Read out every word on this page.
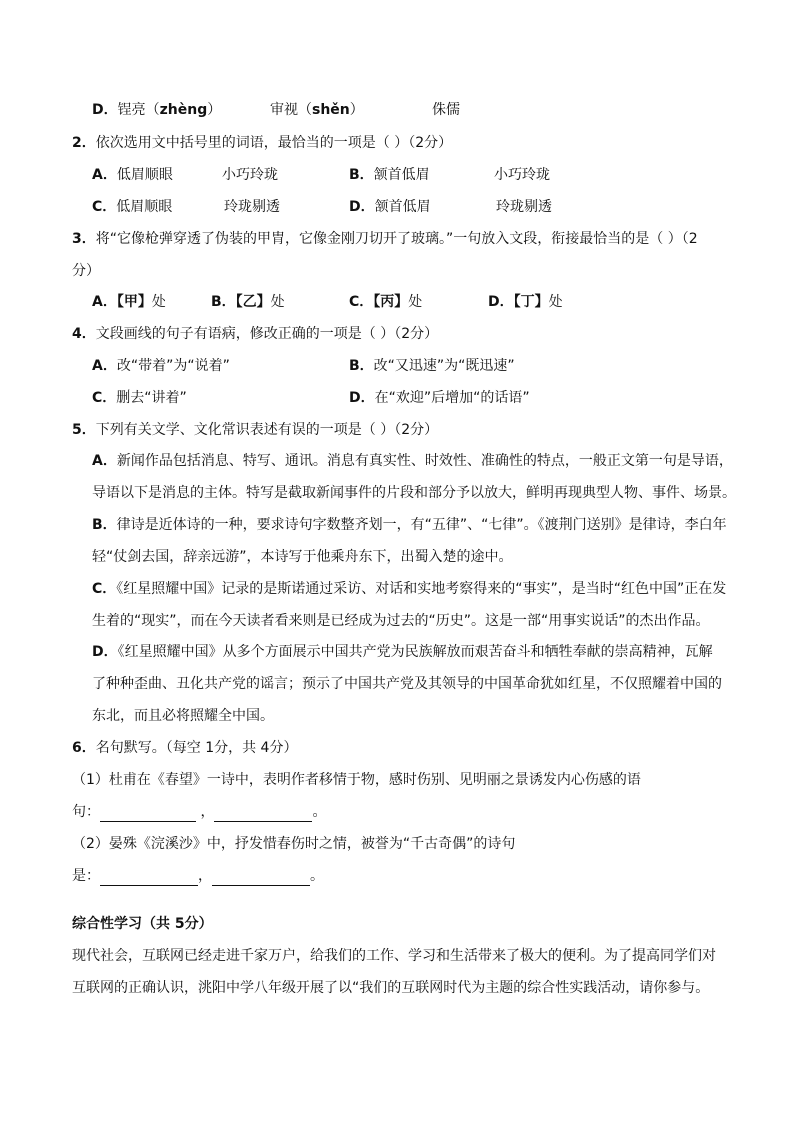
D．锃亮（zhèng）	审视（shěn）	侏儒
2．依次选用文中括号里的词语，最恰当的一项是（ ）（2分）
A．低眉顺眼	小巧玲珑	B．颔首低眉	小巧玲珑
C．低眉顺眼	玲珑剔透	D．颔首低眉	玲珑剔透
3．将“它像枪弹穿透了伪装的甲胄，它像金刚刀切开了玻璃。”一句放入文段，衔接最恰当的是（ ）（2
分）
A．【甲】处	B．【乙】处	C．【丙】处	D．【丁】处
4．文段画线的句子有语病，修改正确的一项是（ ）（2分）
A．改“带着”为“说着”	B．改“又迅速”为“既迅速”
C．删去“讲着”	D．在“欢迎”后增加“的话语”
5．下列有关文学、文化常识表述有误的一项是（ ）（2分）
A．新闻作品包括消息、特写、通讯。消息有真实性、时效性、准确性的特点，一般正文第一句是导语，
导语以下是消息的主体。特写是截取新闻事件的片段和部分予以放大，鲜明再现典型人物、事件、场景。
B．律诗是近体诗的一种，要求诗句字数整齐划一，有“五律”、“七律”。《渡荆门送别》是律诗，李白年
轻“仗剑去国，辞亲远游”，本诗写于他乘舟东下，出蜀入楚的途中。
C．《红星照耀中国》记录的是斯诺通过采访、对话和实地考察得来的“事实”，是当时“红色中国”正在发
生着的“现实”，而在今天读者看来则是已经成为过去的“历史”。这是一部“用事实说话”的杰出作品。
D．《红星照耀中国》从多个方面展示中国共产党为民族解放而艰苦奋斗和牺牲奉献的崇高精神，瓦解
了种种歪曲、丑化共产党的谣言；预示了中国共产党及其领导的中国革命犹如红星，不仅照耀着中国的
东北，而且必将照耀全中国。
6．名句默写。（每空 1分，共 4分）
（1）杜甫在《春望》一诗中，表明作者移情于物，感时伤别、见明丽之景诱发内心伤感的语
句：	，	。
（2）晏殊《浣溪沙》中，抒发惜春伤时之情，被誉为“千古奇偶”的诗句
是：	，	。
综合性学习（共 5分）
现代社会，互联网已经走进千家万户，给我们的工作、学习和生活带来了极大的便利。为了提高同学们对
互联网的正确认识，洮阳中学八年级开展了以“我们的互联网时代为主题的综合性实践活动，请你参与。
